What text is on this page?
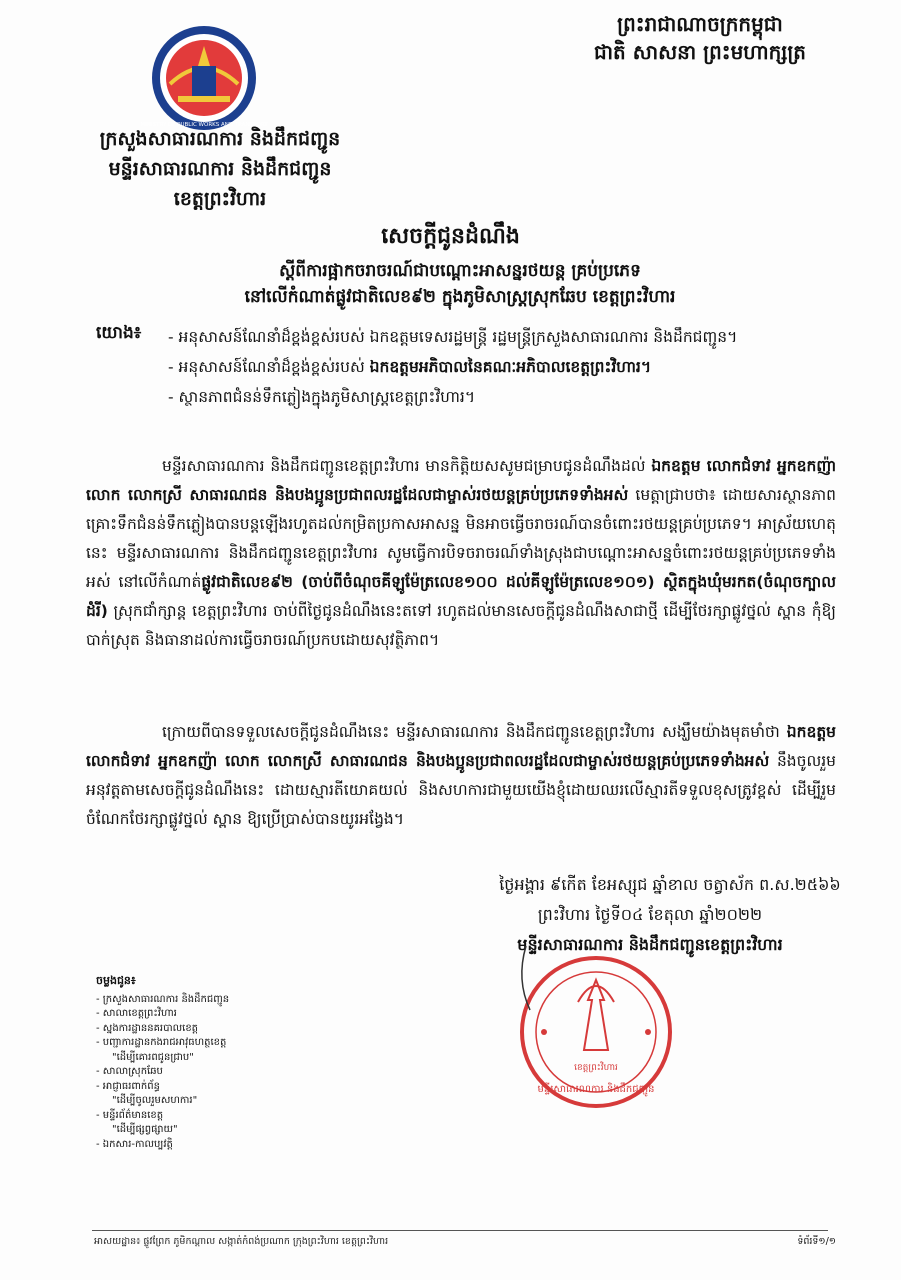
ព្រះរាជាណាចក្រកម្ពុជា
ជាតិ សាសនា ព្រះមហាក្សត្រ
MINISTRY OF PUBLIC WORKS AND TRANSPORT
ក្រសួងសាធារណការ និងដឹកជញ្ជូន
មន្ទីរសាធារណការ និងដឹកជញ្ជូន
ខេត្តព្រះវិហារ
សេចក្តីជូនដំណឹង
ស្តីពីការផ្អាកចរាចរណ៍ជាបណ្តោះអាសន្នរថយន្ត គ្រប់ប្រភេទ
នៅលើកំណាត់ផ្លូវជាតិលេខ៩២ ក្នុងភូមិសាស្ត្រស្រុកឆែប ខេត្តព្រះវិហារ
យោង៖ - អនុសាសន៍ណែនាំដ៏ខ្ពង់ខ្ពស់របស់ ឯកឧត្តមទេសរដ្ឋមន្ត្រី រដ្ឋមន្ត្រីក្រសួងសាធារណការ និងដឹកជញ្ជូន។
- អនុសាសន៍ណែនាំដ៏ខ្ពង់ខ្ពស់របស់ ឯកឧត្តមអភិបាលនៃគណៈអភិបាលខេត្តព្រះវិហារ។
- ស្ថានភាពជំនន់ទឹកភ្លៀងក្នុងភូមិសាស្ត្រខេត្តព្រះវិហារ។
មន្ទីរសាធារណការ និងដឹកជញ្ជូនខេត្តព្រះវិហារ មានកិត្តិយសសូមជម្រាបជូនដំណឹងដល់ ឯកឧត្តម លោកជំទាវ អ្នកឧកញ៉ា លោក លោកស្រី សាធារណជន និងបងប្អូនប្រជាពលរដ្ឋដែលជាម្ចាស់រថយន្តគ្រប់ប្រភេទទាំងអស់ មេត្តាជ្រាបថា៖ ដោយសារស្ថានភាពគ្រោះទឹកជំនន់ទឹកភ្លៀងបានបន្តឡើងរហូតដល់កម្រិតប្រកាសអាសន្ន មិនអាចធ្វើចរាចរណ៍បានចំពោះរថយន្តគ្រប់ប្រភេទ។ អាស្រ័យហេតុនេះ មន្ទីរសាធារណការ និងដឹកជញ្ជូនខេត្តព្រះវិហារ សូមធ្វើការបិទចរាចរណ៍ទាំងស្រុងជាបណ្តោះអាសន្នចំពោះរថយន្តគ្រប់ប្រភេទទាំងអស់ នៅលើកំណាត់ផ្លូវជាតិលេខ៩២ (ចាប់ពីចំណុចគីឡូម៉ែត្រលេខ១០០ ដល់គីឡូម៉ែត្រលេខ១០១) ស្ថិតក្នុងឃុំមរកត(ចំណុចក្បាលដំរី) ស្រុកជាំក្សាន្ត ខេត្តព្រះវិហារ ចាប់ពីថ្ងៃជូនដំណឹងនេះតទៅ រហូតដល់មានសេចក្តីជូនដំណឹងសាជាថ្មី ដើម្បីថែរក្សាផ្លូវថ្នល់ ស្ពាន កុំឱ្យបាក់ស្រុត និងធានាដល់ការធ្វើចរាចរណ៍ប្រកបដោយសុវត្ថិភាព។
ក្រោយពីបានទទួលសេចក្តីជូនដំណឹងនេះ មន្ទីរសាធារណការ និងដឹកជញ្ជូនខេត្តព្រះវិហារ សង្ឃឹមយ៉ាងមុតមាំថា ឯកឧត្តម លោកជំទាវ អ្នកឧកញ៉ា លោក លោកស្រី សាធារណជន និងបងប្អូនប្រជាពលរដ្ឋដែលជាម្ចាស់រថយន្តគ្រប់ប្រភេទទាំងអស់ នឹងចូលរួមអនុវត្តតាមសេចក្តីជូនដំណឹងនេះ ដោយស្មារតីយោគយល់ និងសហការជាមួយយើងខ្ញុំដោយឈរលើស្មារតីទទួលខុសត្រូវខ្ពស់ ដើម្បីរួមចំណែកថែរក្សាផ្លូវថ្នល់ ស្ពាន ឱ្យប្រើប្រាស់បានយូរអង្វែង។
ថ្ងៃអង្គារ ៩កើត ខែអស្សុជ ឆ្នាំខាល ចត្វាស័ក ព.ស.២៥៦៦
ព្រះវិហារ ថ្ងៃទី០៤ ខែតុលា ឆ្នាំ២០២២
មន្ទីរសាធារណការ និងដឹកជញ្ជូនខេត្តព្រះវិហារ
ខេត្តព្រះវិហារ
មន្ទីរសាធារណការ និងដឹកជញ្ជូន
ចម្លងជូន៖
- ក្រសួងសាធារណការ និងដឹកជញ្ជូន
- សាលាខេត្តព្រះវិហារ
- ស្នងការដ្ឋាននគរបាលខេត្ត
- បញ្ជាការដ្ឋានកងរាជអាវុធហត្ថខេត្ត
"ដើម្បីគោរពជូនជ្រាប"
- សាលាស្រុកឆែប
- អាជ្ញាធរពាក់ព័ន្ធ
"ដើម្បីចូលរួមសហការ"
- មន្ទីរព័ត៌មានខេត្ត
"ដើម្បីផ្សព្វផ្សាយ"
- ឯកសារ-កាលប្បវត្តិ
អាសយដ្ឋាន៖ ផ្លូវព្រែក ភូមិកណ្ដាល សង្កាត់កំពង់ប្រណាក ក្រុងព្រះវិហារ ខេត្តព្រះវិហារ	ទំព័រទី១/១
